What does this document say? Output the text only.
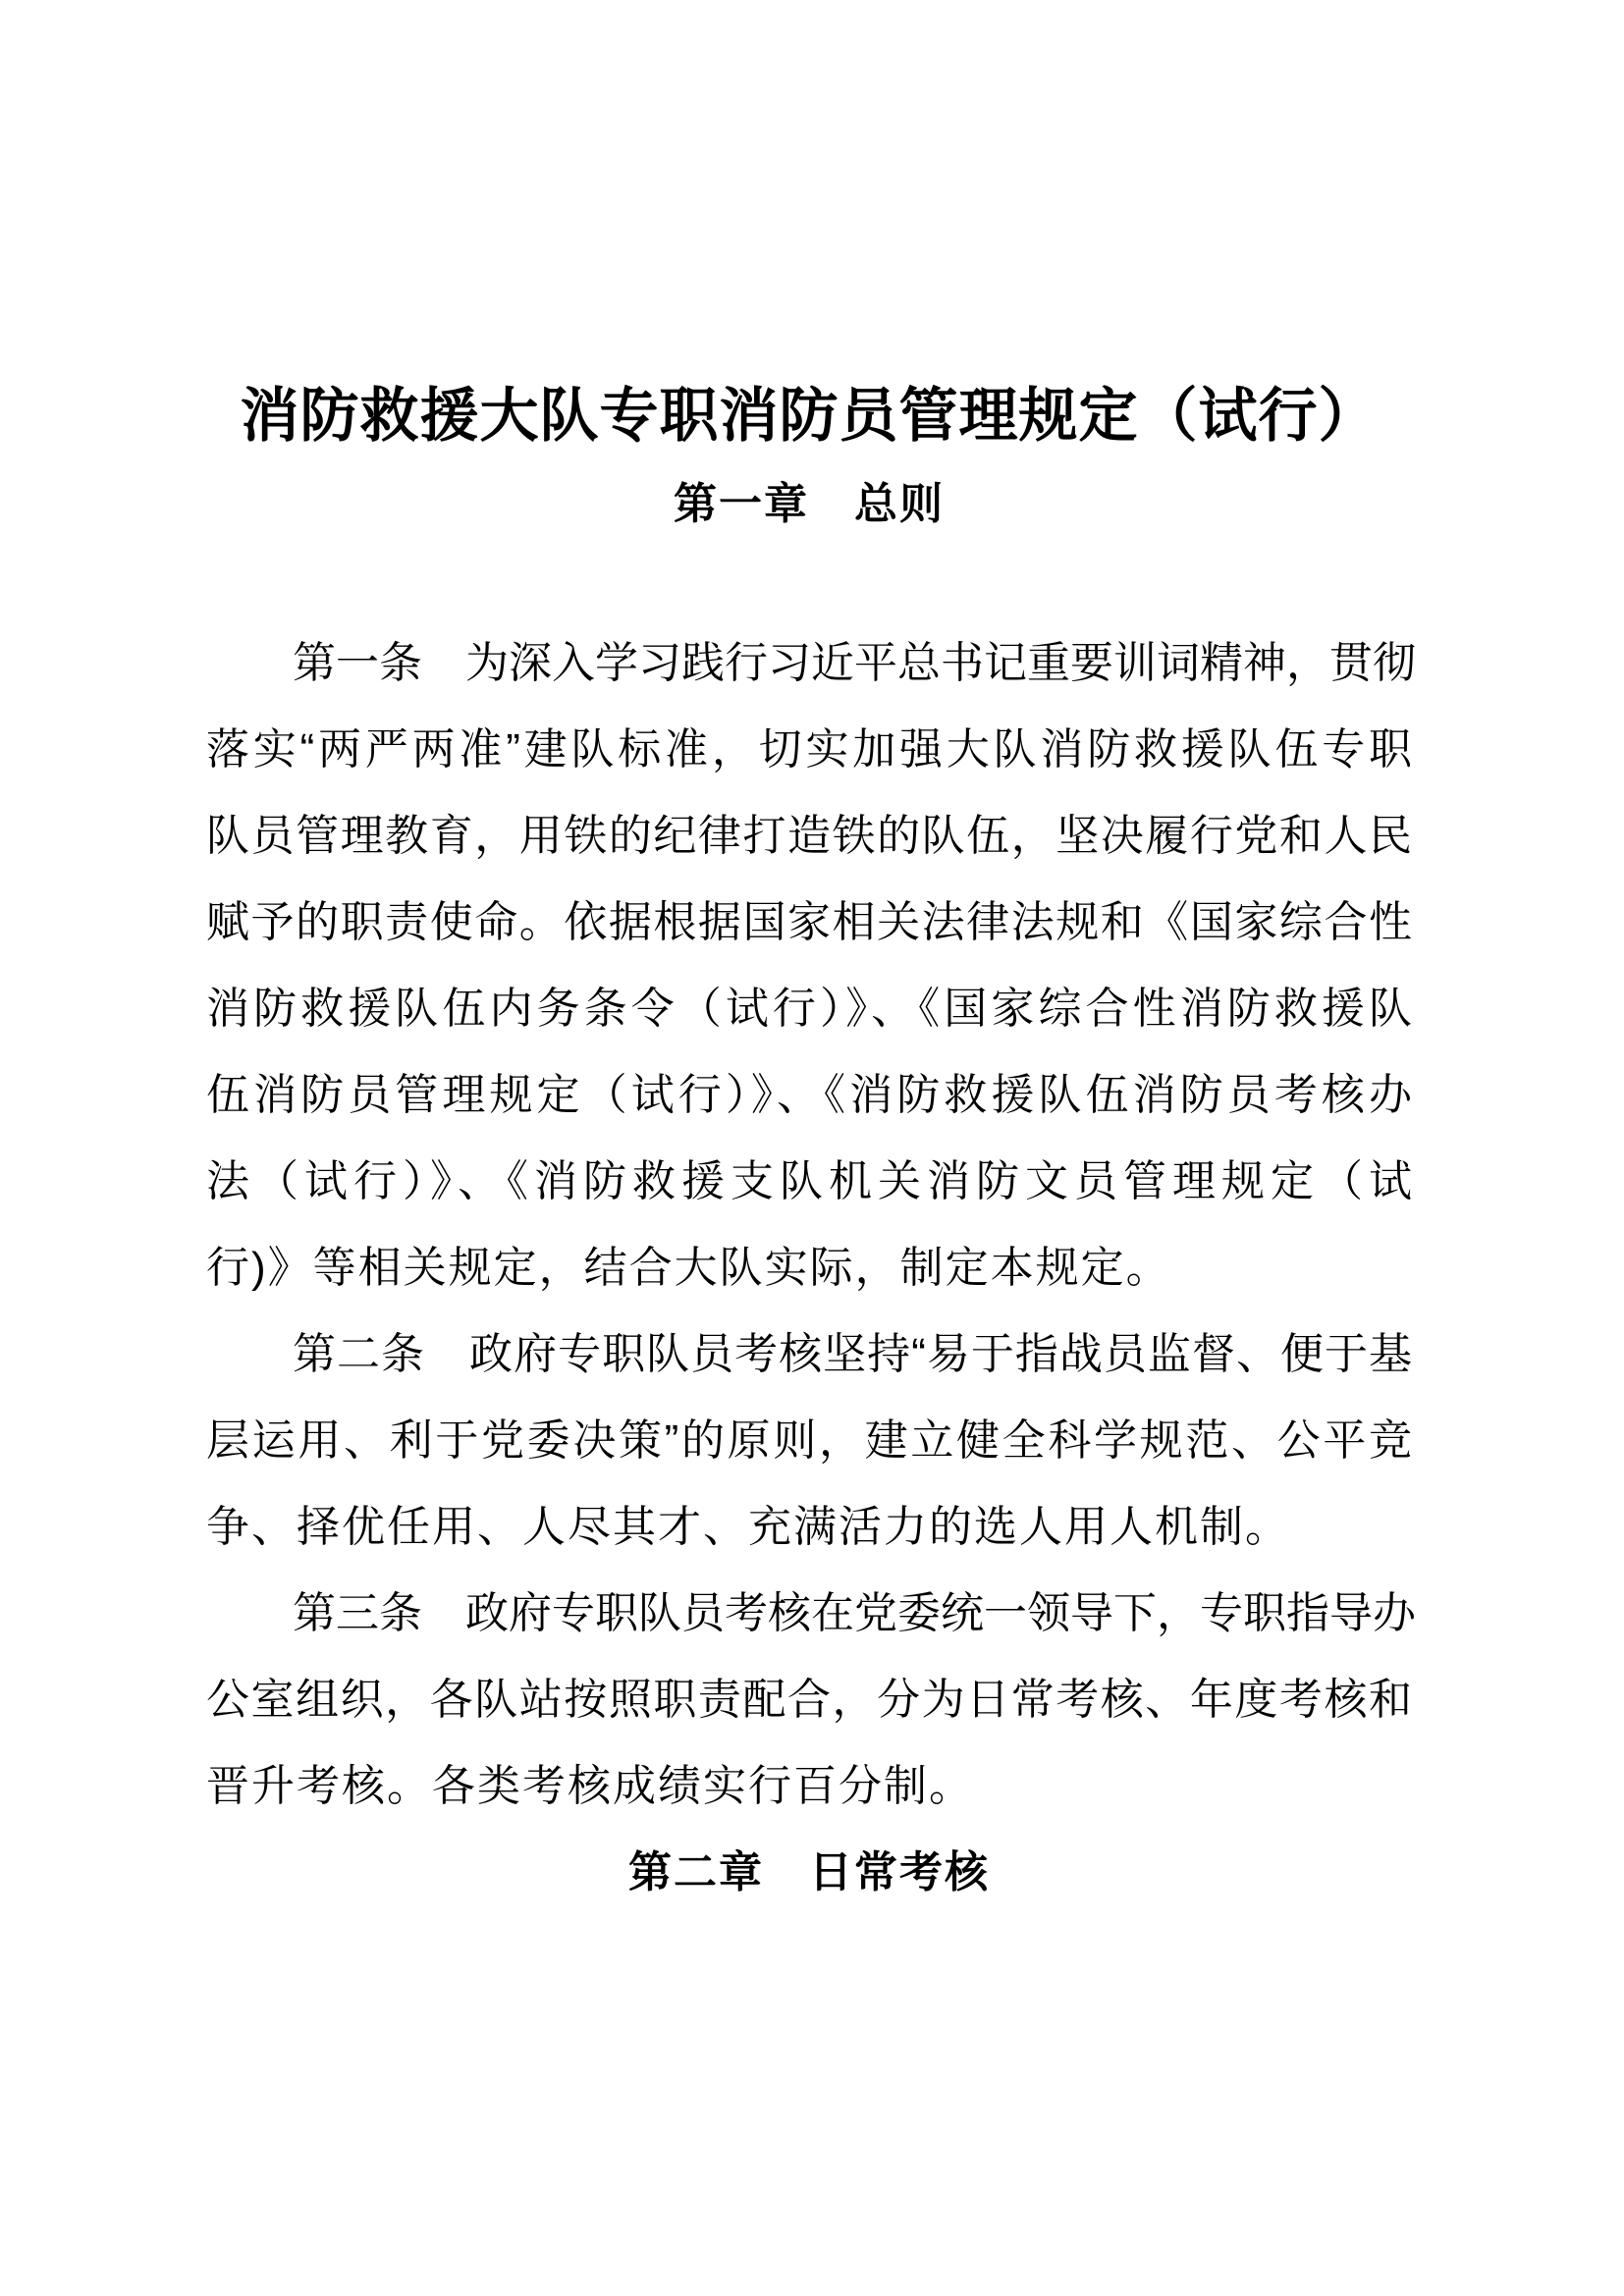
消防救援大队专职消防员管理规定（试行）
第一章　总则
第一条　为深入学习践行习近平总书记重要训词精神，贯彻
落实“两严两准”建队标准，切实加强大队消防救援队伍专职
队员管理教育，用铁的纪律打造铁的队伍，坚决履行党和人民
赋予的职责使命。依据根据国家相关法律法规和《国家综合性
消防救援队伍内务条令（试行）》、《国家综合性消防救援队
伍消防员管理规定（试行）》、《消防救援队伍消防员考核办
法（试行）》、《消防救援支队机关消防文员管理规定（试
行)》等相关规定，结合大队实际，制定本规定。
第二条　政府专职队员考核坚持“易于指战员监督、便于基
层运用、利于党委决策”的原则，建立健全科学规范、公平竞
争、择优任用、人尽其才、充满活力的选人用人机制。
第三条　政府专职队员考核在党委统一领导下，专职指导办
公室组织，各队站按照职责配合，分为日常考核、年度考核和
晋升考核。各类考核成绩实行百分制。
第二章　日常考核
